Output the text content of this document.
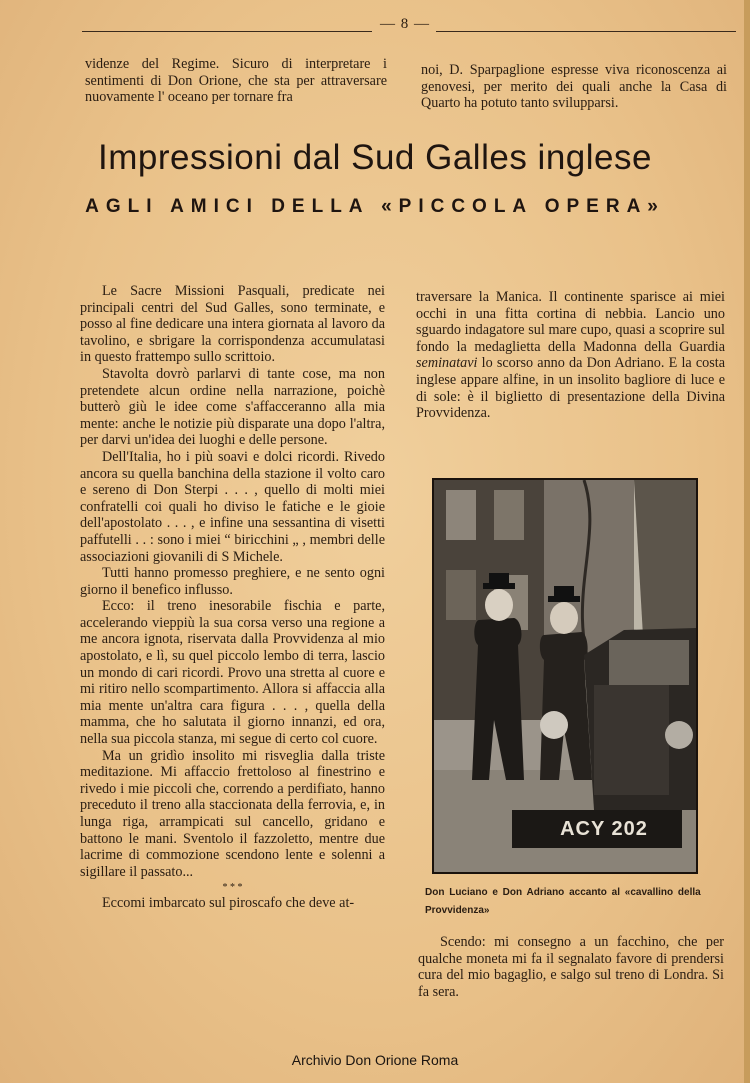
— 8 —

videnze del Regime. Sicuro di interpretare i sentimenti di Don Orione, che sta per attraversare nuovamente l' oceano per tornare fra

noi, D. Sparpaglione espresse viva riconoscenza ai genovesi, per merito dei quali anche la Casa di Quarto ha potuto tanto svilupparsi.

Impressioni dal Sud Galles inglese
AGLI AMICI DELLA «PICCOLA OPERA»

Le Sacre Missioni Pasquali, predicate nei principali centri del Sud Galles, sono terminate, e posso al fine dedicare una intera giornata al lavoro da tavolino, e sbrigare la corrispondenza accumulatasi in questo frattempo sullo scrittoio.

Stavolta dovrò parlarvi di tante cose, ma non pretendete alcun ordine nella narrazione, poichè butterò giù le idee come s'affacceranno alla mia mente: anche le notizie più disparate una dopo l'altra, per darvi un'idea dei luoghi e delle persone.

Dell'Italia, ho i più soavi e dolci ricordi. Rivedo ancora su quella banchina della stazione il volto caro e sereno di Don Sterpi . . . , quello di molti miei confratelli coi quali ho diviso le fatiche e le gioie dell'apostolato . . . , e infine una sessantina di visetti paffutelli . . : sono i miei “ biricchini „ , membri delle associazioni giovanili di S Michele.

Tutti hanno promesso preghiere, e ne sento ogni giorno il benefico influsso.

Ecco: il treno inesorabile fischia e parte, accelerando vieppiù la sua corsa verso una regione a me ancora ignota, riservata dalla Provvidenza al mio apostolato, e lì, su quel piccolo lembo di terra, lascio un mondo di cari ricordi. Provo una stretta al cuore e mi ritiro nello scompartimento. Allora si affaccia alla mia mente un'altra cara figura . . . , quella della mamma, che ho salutata il giorno innanzi, ed ora, nella sua piccola stanza, mi segue di certo col cuore.

Ma un gridìo insolito mi risveglia dalla triste meditazione. Mi affaccio frettoloso al finestrino e rivedo i mie piccoli che, correndo a perdifiato, hanno preceduto il treno alla staccionata della ferrovia, e, in lunga riga, arrampicati sul cancello, gridano e battono le mani. Sventolo il fazzoletto, mentre due lacrime di commozione scendono lente e solenni a sigillare il passato...

* * *

Eccomi imbarcato sul piroscafo che deve at-

traversare la Manica. Il continente sparisce ai miei occhi in una fitta cortina di nebbia. Lancio uno sguardo indagatore sul mare cupo, quasi a scoprire sul fondo la medaglietta della Madonna della Guardia seminatavi lo scorso anno da Don Adriano. E la costa inglese appare alfine, in un insolito bagliore di luce e di sole: è il biglietto di presentazione della Divina Provvidenza.

ACY 202
Don Luciano e Don Adriano accanto al «cavallino della Provvidenza»

Scendo: mi consegno a un facchino, che per qualche moneta mi fa il segnalato favore di prendersi cura del mio bagaglio, e salgo sul treno di Londra. Si fa sera.

Archivio Don Orione Roma
